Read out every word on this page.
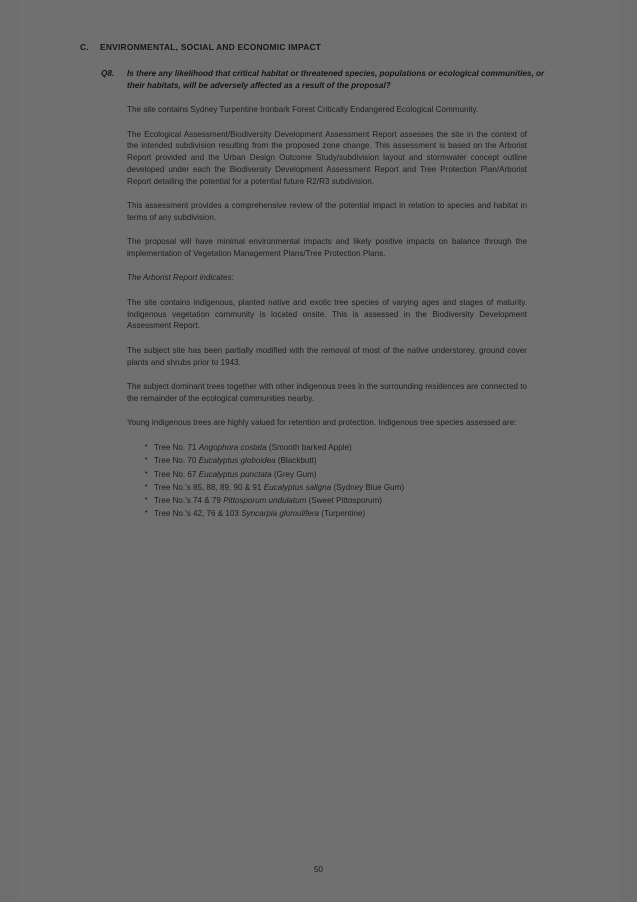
C. ENVIRONMENTAL, SOCIAL AND ECONOMIC IMPACT
Q8.	Is there any likelihood that critical habitat or threatened species, populations or ecological communities, or their habitats, will be adversely affected as a result of the proposal?

The site contains Sydney Turpentine Ironbark Forest Critically Endangered Ecological Community.

The Ecological Assessment/Biodiversity Development Assessment Report assesses the site in the context of the intended subdivision resulting from the proposed zone change. This assessment is based on the Arborist Report provided and the Urban Design Outcome Study/subdivision layout and stormwater concept outline developed under each the Biodiversity Development Assessment Report and Tree Protection Plan/Arborist Report detailing the potential for a potential future R2/R3 subdivision.

This assessment provides a comprehensive review of the potential impact in relation to species and habitat in terms of any subdivision.

The proposal will have minimal environmental impacts and likely positive impacts on balance through the implementation of Vegetation Management Plans/Tree Protection Plans.

The Arborist Report indicates:

The site contains indigenous, planted native and exotic tree species of varying ages and stages of maturity. Indigenous vegetation community is located onsite. This is assessed in the Biodiversity Development Assessment Report.

The subject site has been partially modified with the removal of most of the native understorey, ground cover plants and shrubs prior to 1943.

The subject dominant trees together with other indigenous trees in the surrounding residences are connected to the remainder of the ecological communities nearby.

Young indigenous trees are highly valued for retention and protection. Indigenous tree species assessed are:

• Tree No. 71 Angophora costata (Smooth barked Apple)
• Tree No. 70 Eucalyptus globoidea (Blackbutt)
• Tree No. 67 Eucalyptus punctata (Grey Gum)
• Tree No.'s 85, 88, 89, 90 & 91 Eucalyptus saligna (Sydney Blue Gum)
• Tree No.'s 74 & 79 Pittosporum undulatum (Sweet Pittosporum)
• Tree No.'s 42, 76 & 103 Syncarpia glomulifera (Turpentine)
50
